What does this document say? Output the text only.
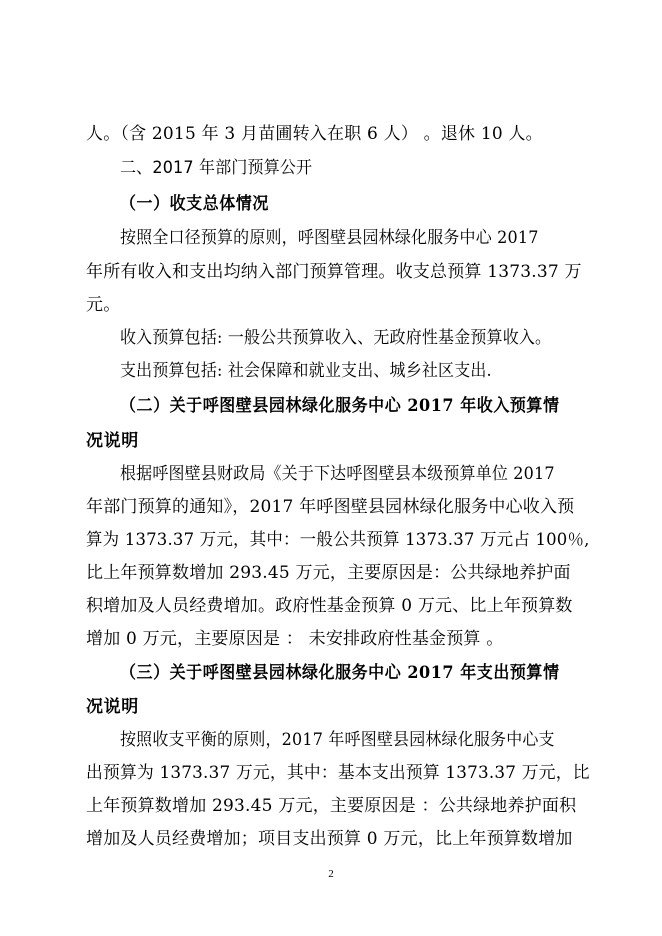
人。（含 2015 年 3 月苗圃转入在职 6 人） 。退休 10 人。
二、2017 年部门预算公开
（一）收支总体情况
按照全口径预算的原则，呼图壁县园林绿化服务中心 2017
年所有收入和支出均纳入部门预算管理。收支总预算 1373.37 万
元。
收入预算包括: 一般公共预算收入、无政府性基金预算收入。
支出预算包括: 社会保障和就业支出、城乡社区支出.
（二）关于呼图壁县园林绿化服务中心 2017 年收入预算情
况说明
根据呼图壁县财政局《关于下达呼图壁县本级预算单位 2017
年部门预算的通知》，2017 年呼图壁县园林绿化服务中心收入预
算为 1373.37 万元，其中：一般公共预算 1373.37 万元占 100％,
比上年预算数增加 293.45 万元，主要原因是：公共绿地养护面
积增加及人员经费增加。政府性基金预算 0 万元、比上年预算数
增加 0 万元，主要原因是 ： 未安排政府性基金预算 。
（三）关于呼图壁县园林绿化服务中心 2017 年支出预算情
况说明
按照收支平衡的原则，2017 年呼图壁县园林绿化服务中心支
出预算为 1373.37 万元，其中：基本支出预算 1373.37 万元，比
上年预算数增加 293.45 万元，主要原因是 ：公共绿地养护面积
增加及人员经费增加；项目支出预算 0 万元，比上年预算数增加
2
